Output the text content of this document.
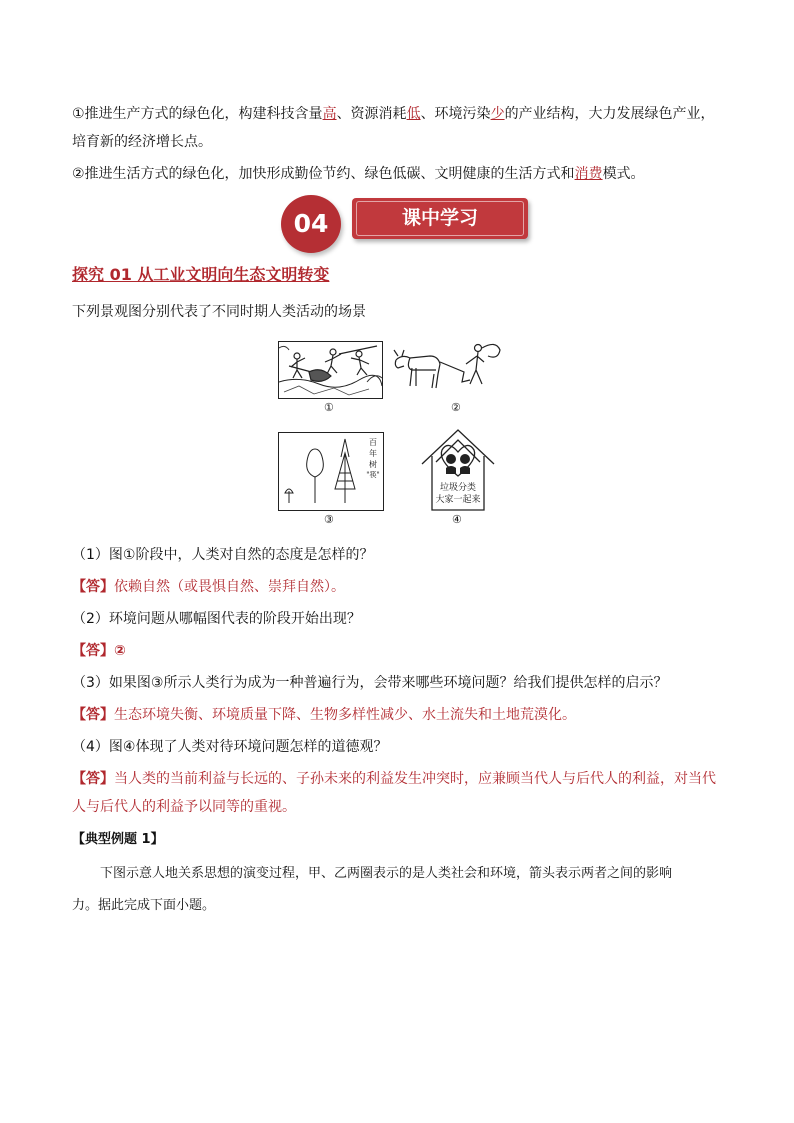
①推进生产方式的绿色化，构建科技含量高、资源消耗低、环境污染少的产业结构，大力发展绿色产业，
培育新的经济增长点。

②推进生活方式的绿色化，加快形成勤俭节约、绿色低碳、文明健康的生活方式和消费模式。

04	课中学习
探究 01 从工业文明向生态文明转变

下列景观图分别代表了不同时期人类活动的场景

①	②
百
年
树
"筷"
③
垃圾分类
大家一起来
④

（1）图①阶段中，人类对自然的态度是怎样的？

【答】依赖自然（或畏惧自然、崇拜自然）。

（2）环境问题从哪幅图代表的阶段开始出现？

【答】②

（3）如果图③所示人类行为成为一种普遍行为，会带来哪些环境问题？给我们提供怎样的启示？

【答】生态环境失衡、环境质量下降、生物多样性减少、水土流失和土地荒漠化。

（4）图④体现了人类对待环境问题怎样的道德观？

【答】当人类的当前利益与长远的、子孙未来的利益发生冲突时，应兼顾当代人与后代人的利益，对当代
人与后代人的利益予以同等的重视。

【典型例题 1】

下图示意人地关系思想的演变过程，甲、乙两圈表示的是人类社会和环境，箭头表示两者之间的影响
力。据此完成下面小题。
